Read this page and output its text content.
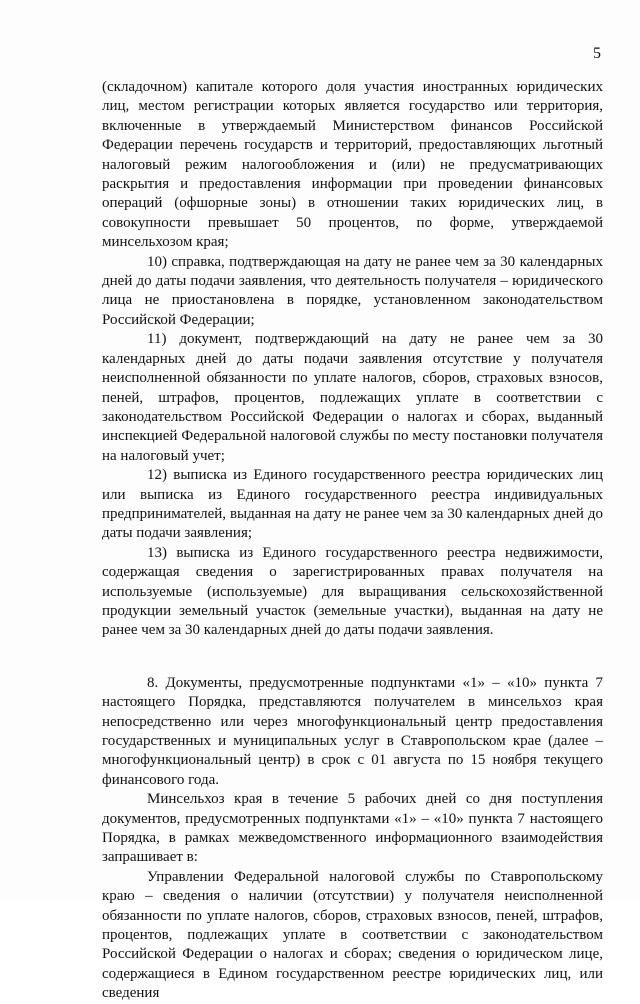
5

(складочном) капитале которого доля участия иностранных юридических лиц, местом регистрации которых является государство или территория, включенные в утверждаемый Министерством финансов Российской Федерации перечень государств и территорий, предоставляющих льготный налоговый режим налогообложения и (или) не предусматривающих раскрытия и предоставления информации при проведении финансовых операций (офшорные зоны) в отношении таких юридических лиц, в совокупности превышает 50 процентов, по форме, утверждаемой минсельхозом края;

10) справка, подтверждающая на дату не ранее чем за 30 календарных дней до даты подачи заявления, что деятельность получателя – юридического лица не приостановлена в порядке, установленном законодательством Российской Федерации;

11) документ, подтверждающий на дату не ранее чем за 30 календарных дней до даты подачи заявления отсутствие у получателя неисполненной обязанности по уплате налогов, сборов, страховых взносов, пеней, штрафов, процентов, подлежащих уплате в соответствии с законодательством Российской Федерации о налогах и сборах, выданный инспекцией Федеральной налоговой службы по месту постановки получателя на налоговый учет;

12) выписка из Единого государственного реестра юридических лиц или выписка из Единого государственного реестра индивидуальных предпринимателей, выданная на дату не ранее чем за 30 календарных дней до даты подачи заявления;

13) выписка из Единого государственного реестра недвижимости, содержащая сведения о зарегистрированных правах получателя на используемые (используемые) для выращивания сельскохозяйственной продукции земельный участок (земельные участки), выданная на дату не ранее чем за 30 календарных дней до даты подачи заявления.

8. Документы, предусмотренные подпунктами «1» – «10» пункта 7 настоящего Порядка, представляются получателем в минсельхоз края непосредственно или через многофункциональный центр предоставления государственных и муниципальных услуг в Ставропольском крае (далее – многофункциональный центр) в срок с 01 августа по 15 ноября текущего финансового года.

Минсельхоз края в течение 5 рабочих дней со дня поступления документов, предусмотренных подпунктами «1» – «10» пункта 7 настоящего Порядка, в рамках межведомственного информационного взаимодействия запрашивает в:

Управлении Федеральной налоговой службы по Ставропольскому краю – сведения о наличии (отсутствии) у получателя неисполненной обязанности по уплате налогов, сборов, страховых взносов, пеней, штрафов, процентов, подлежащих уплате в соответствии с законодательством Российской Федерации о налогах и сборах; сведения о юридическом лице, содержащиеся в Едином государственном реестре юридических лиц, или сведения
